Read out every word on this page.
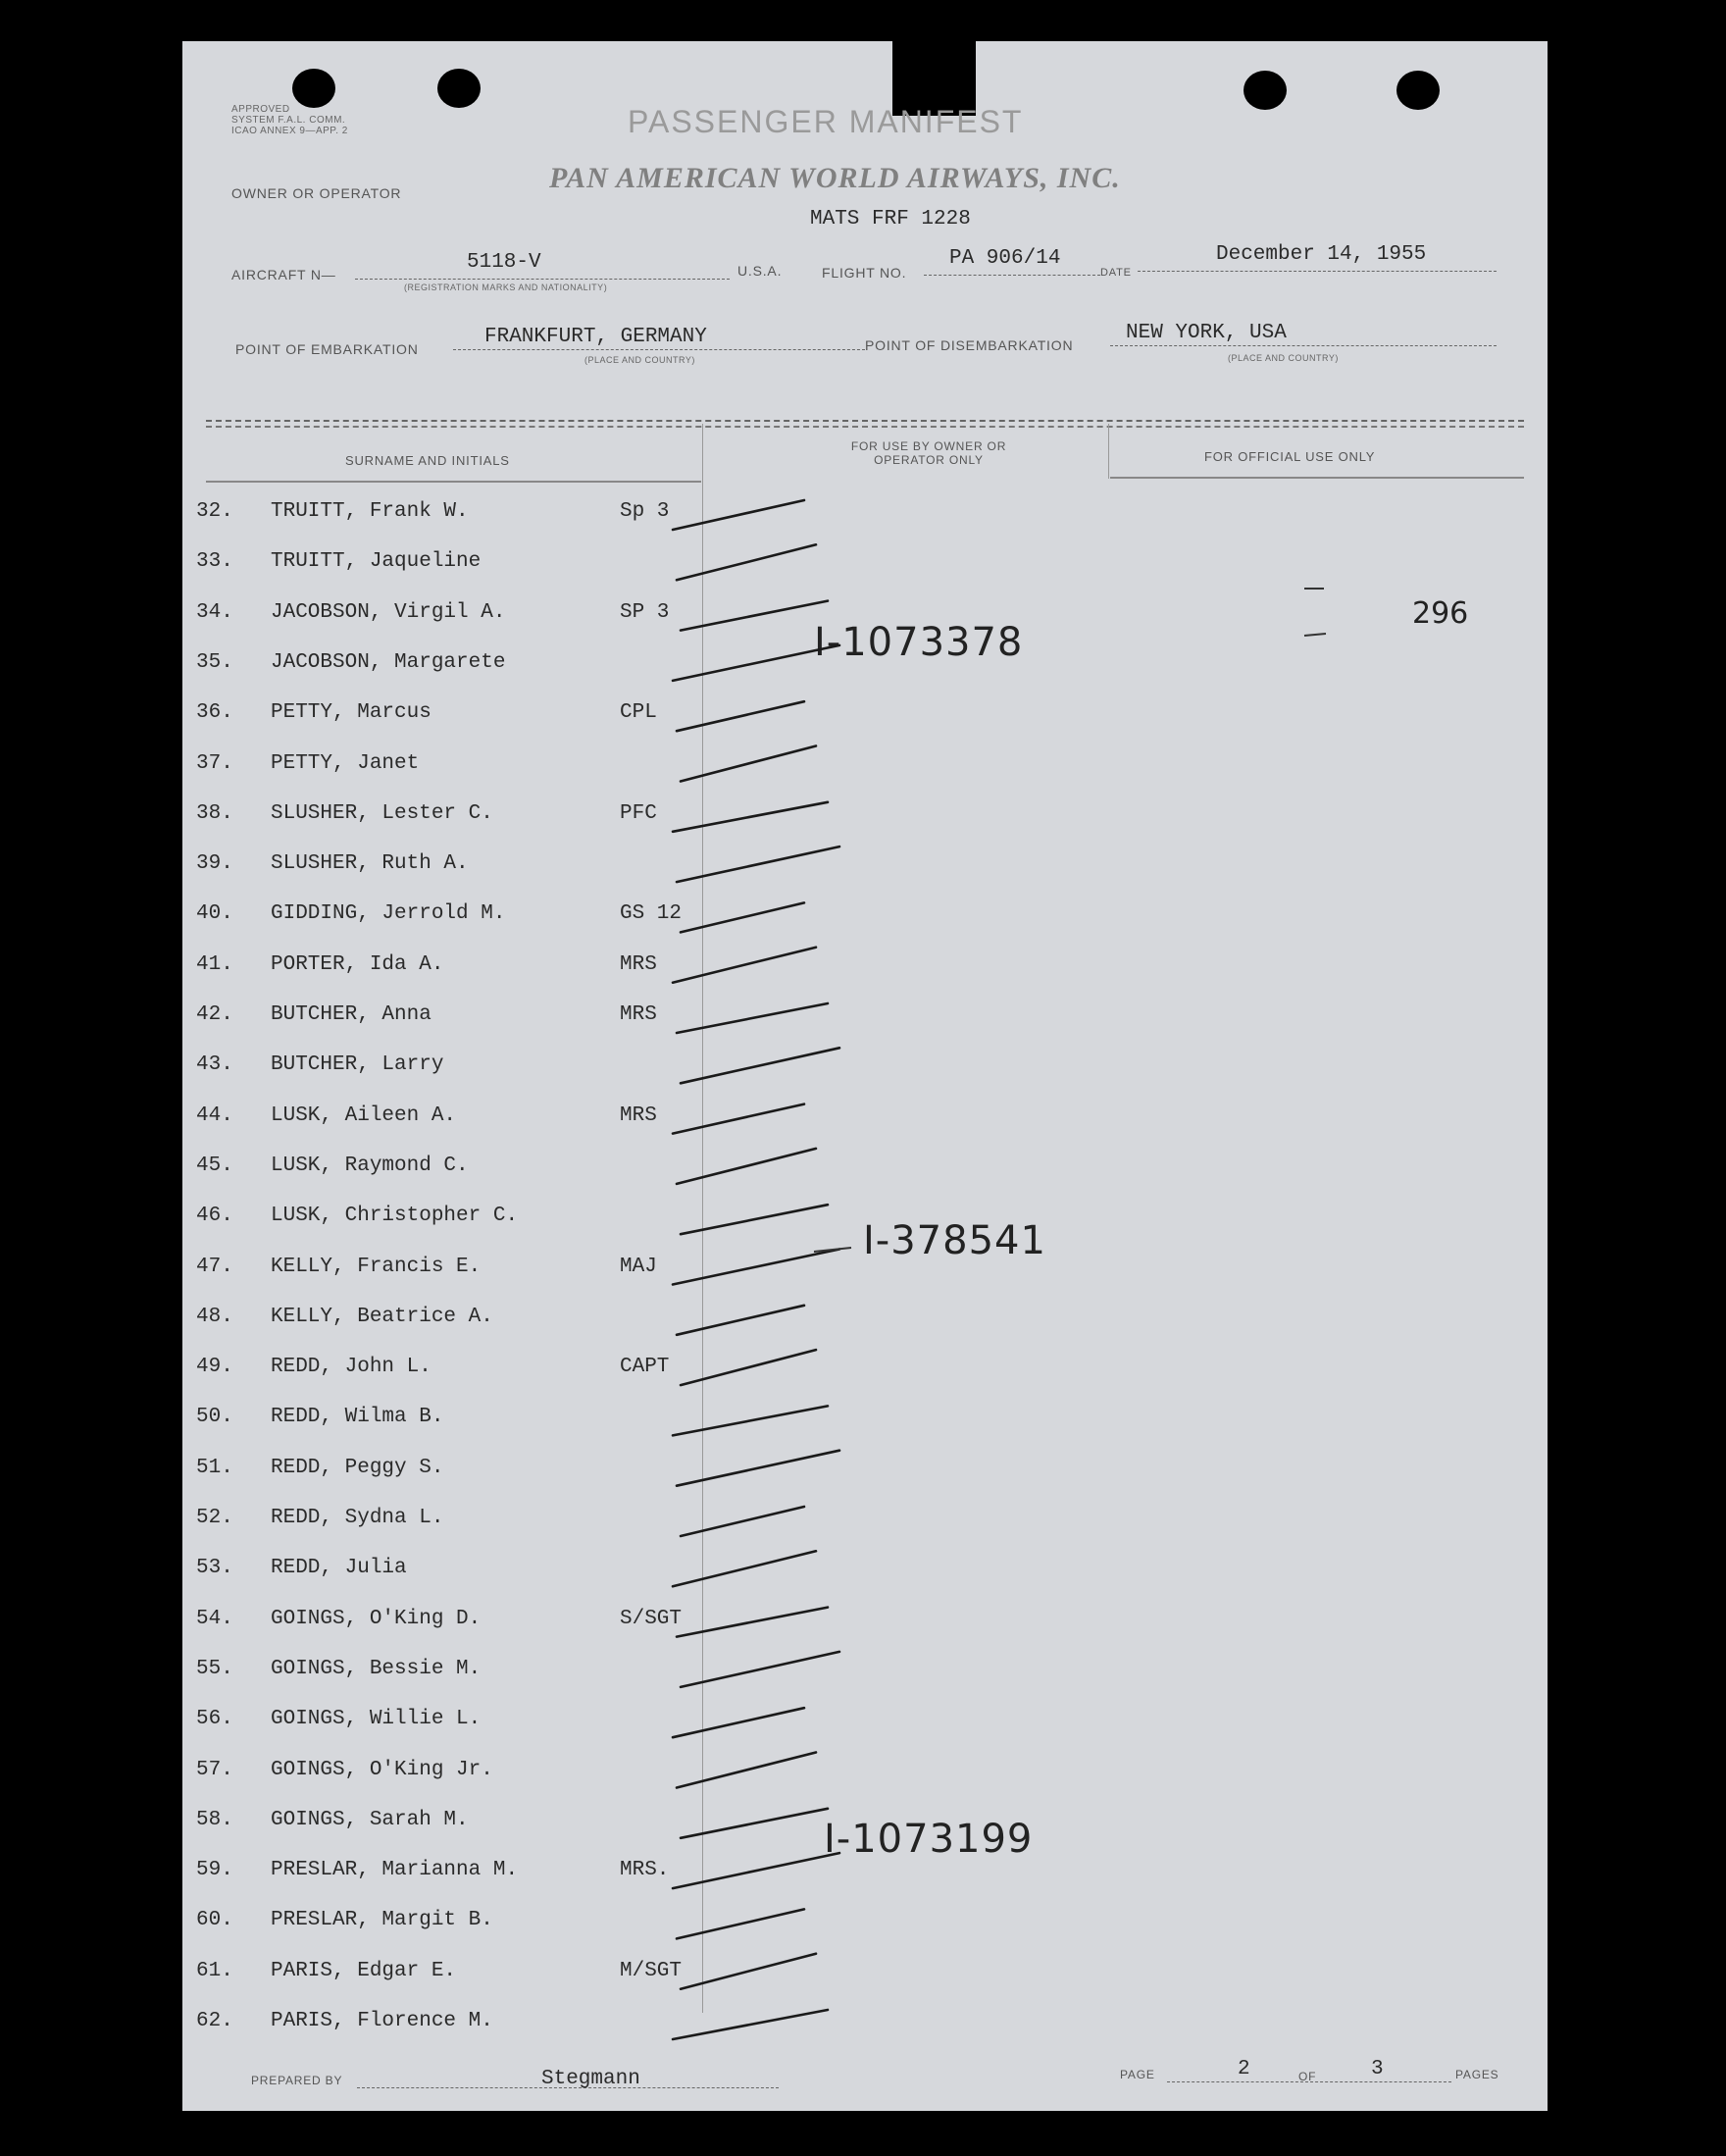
APPROVED
SYSTEM F.A.L. COMM.
ICAO ANNEX 9—APP. 2	PASSENGER MANIFEST
OWNER OR OPERATOR	PAN AMERICAN WORLD AIRWAYS, INC.
MATS FRF 1228
AIRCRAFT N—
5118-V
(REGISTRATION MARKS AND NATIONALITY)
U.S.A.	FLIGHT NO.
PA 906/14
DATE
December 14, 1955
POINT OF EMBARKATION
FRANKFURT, GERMANY
(PLACE AND COUNTRY)
POINT OF DISEMBARKATION
NEW YORK, USA
(PLACE AND COUNTRY)
SURNAME AND INITIALS
FOR USE BY OWNER OR OPERATOR ONLY	FOR OFFICIAL USE ONLY
32.	TRUITT, Frank W.	Sp 3
33.	TRUITT, Jaqueline
34.	JACOBSON, Virgil A.	SP 3
35.	JACOBSON, Margarete
36.	PETTY, Marcus	CPL
37.	PETTY, Janet
38.	SLUSHER, Lester C.	PFC
39.	SLUSHER, Ruth A.
40.	GIDDING, Jerrold M.	GS 12
41.	PORTER, Ida A.	MRS
42.	BUTCHER, Anna	MRS
43.	BUTCHER, Larry
44.	LUSK, Aileen A.	MRS
45.	LUSK, Raymond C.
46.	LUSK, Christopher C.
47.	KELLY, Francis E.	MAJ
48.	KELLY, Beatrice A.
49.	REDD, John L.	CAPT
50.	REDD, Wilma B.
51.	REDD, Peggy S.
52.	REDD, Sydna L.
53.	REDD, Julia
54.	GOINGS, O'King D.	S/SGT
55.	GOINGS, Bessie M.
56.	GOINGS, Willie L.
57.	GOINGS, O'King Jr.
58.	GOINGS, Sarah M.
59.	PRESLAR, Marianna M.	MRS.
60.	PRESLAR, Margit B.
61.	PARIS, Edgar E.	M/SGT
62.	PARIS, Florence M.
I-1073378
I-378541
I-1073199
296
PREPARED BY	Stegmann	PAGE	2	OF	3	PAGES
